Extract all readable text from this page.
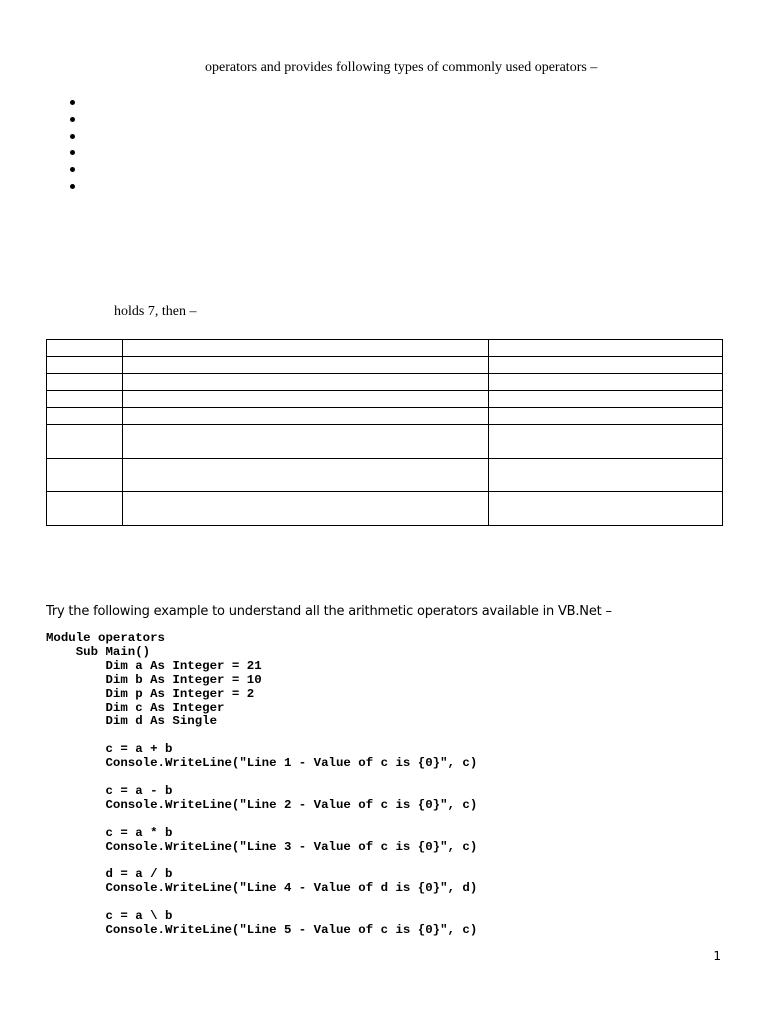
operators and provides following types of commonly used operators –
holds 7, then –

Try the following example to understand all the arithmetic operators available in VB.Net –
Module operators
Sub Main()
Dim a As Integer = 21
Dim b As Integer = 10
Dim p As Integer = 2
Dim c As Integer
Dim d As Single

c = a + b
Console.WriteLine("Line 1 - Value of c is {0}", c)

c = a - b
Console.WriteLine("Line 2 - Value of c is {0}", c)

c = a * b
Console.WriteLine("Line 3 - Value of c is {0}", c)

d = a / b
Console.WriteLine("Line 4 - Value of d is {0}", d)

c = a \ b
Console.WriteLine("Line 5 - Value of c is {0}", c)
1
